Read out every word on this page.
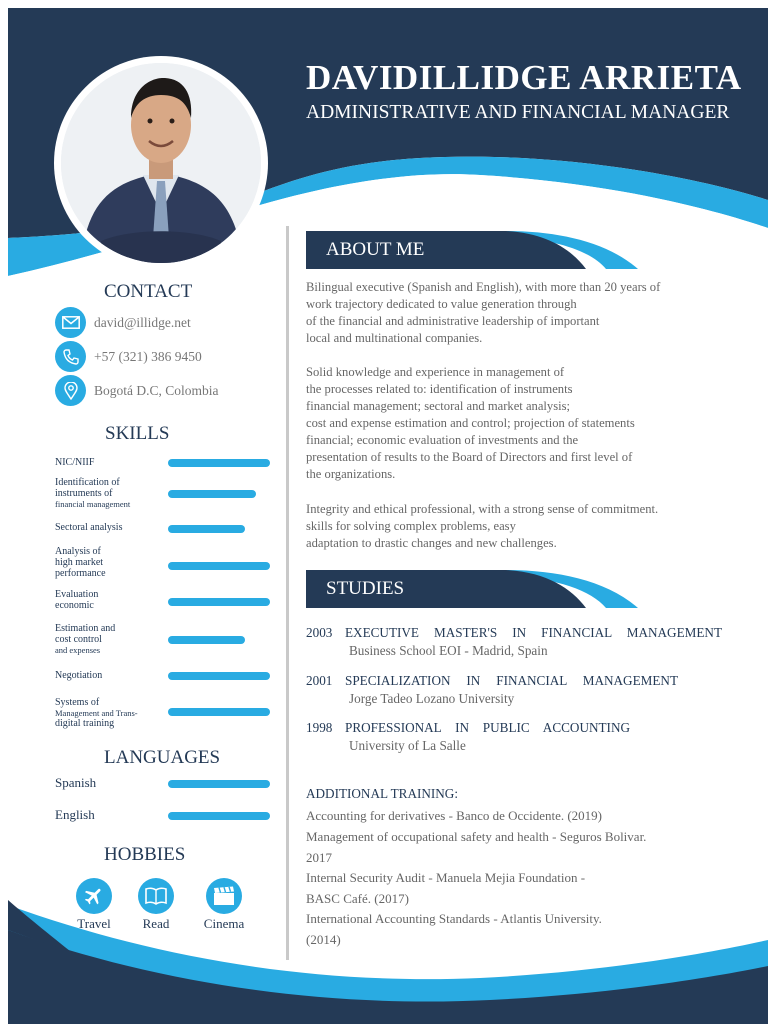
DAVIDILLIDGE ARRIETA
ADMINISTRATIVE AND FINANCIAL MANAGER
CONTACT
david@illidge.net
+57 (321) 386 9450
Bogotá D.C, Colombia
SKILLS
NIC/NIIF
Identification of
instruments of
financial management
Sectoral analysis
Analysis of
high market
performance
Evaluation
economic
Estimation and
cost control
and expenses
Negotiation
Systems of
Management and Trans-
digital training
LANGUAGES
Spanish
English
HOBBIES
Travel	Read	Cinema
ABOUT ME
Bilingual executive (Spanish and English), with more than 20 years of
work trajectory dedicated to value generation through
of the financial and administrative leadership of important
local and multinational companies.
Solid knowledge and experience in management of
the processes related to: identification of instruments
financial management; sectoral and market analysis;
cost and expense estimation and control; projection of statements
financial; economic evaluation of investments and the
presentation of results to the Board of Directors and first level of
the organizations.
Integrity and ethical professional, with a strong sense of commitment.
skills for solving complex problems, easy
adaptation to drastic changes and new challenges.
STUDIES
2003 EXECUTIVE MASTER'S IN FINANCIAL MANAGEMENT
Business School EOI - Madrid, Spain
2001 SPECIALIZATION IN FINANCIAL MANAGEMENT
Jorge Tadeo Lozano University
1998 PROFESSIONAL IN PUBLIC ACCOUNTING
University of La Salle
ADDITIONAL TRAINING:
Accounting for derivatives - Banco de Occidente. (2019)
Management of occupational safety and health - Seguros Bolivar.
2017
Internal Security Audit - Manuela Mejia Foundation -
BASC Café. (2017)
International Accounting Standards - Atlantis University.
(2014)
